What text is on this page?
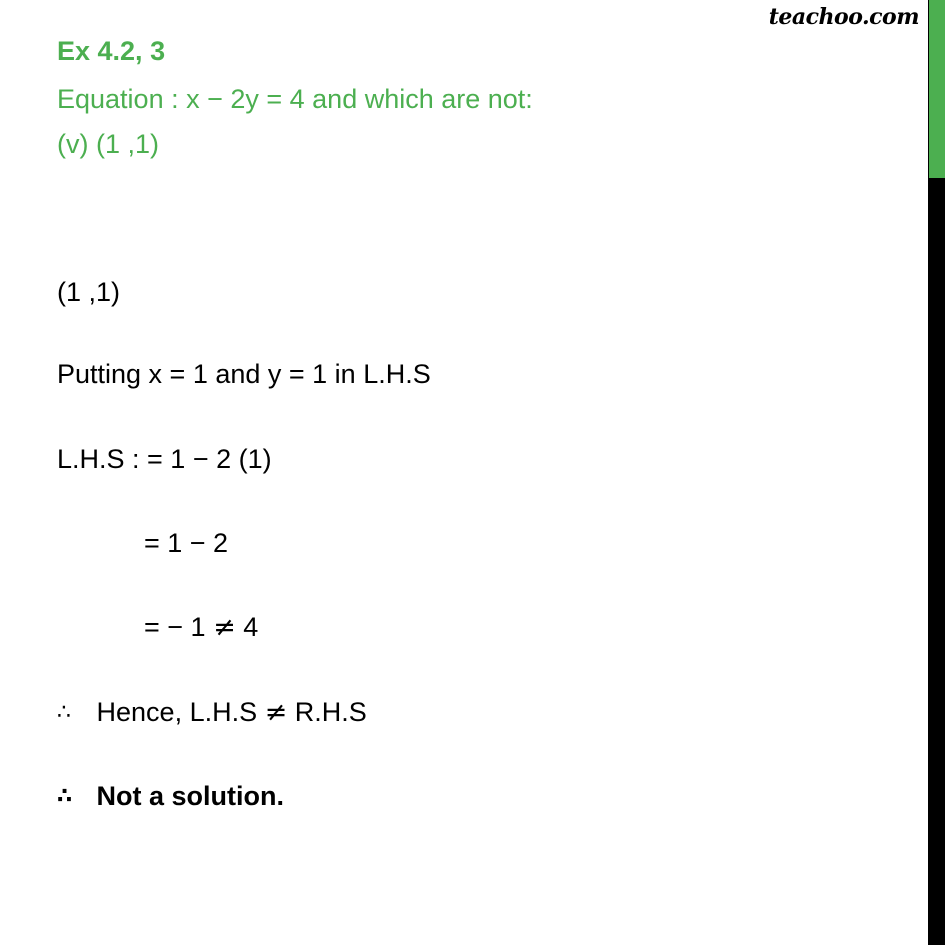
teachoo.com
Ex 4.2, 3
Equation : x − 2y = 4 and which are not:
(v) (1 ,1)
(1 ,1)
Putting x = 1 and y = 1 in L.H.S
L.H.S : = 1 − 2 (1)
= 1 − 2
= − 1 ≠ 4
∴ Hence, L.H.S ≠ R.H.S
∴ Not a solution.
